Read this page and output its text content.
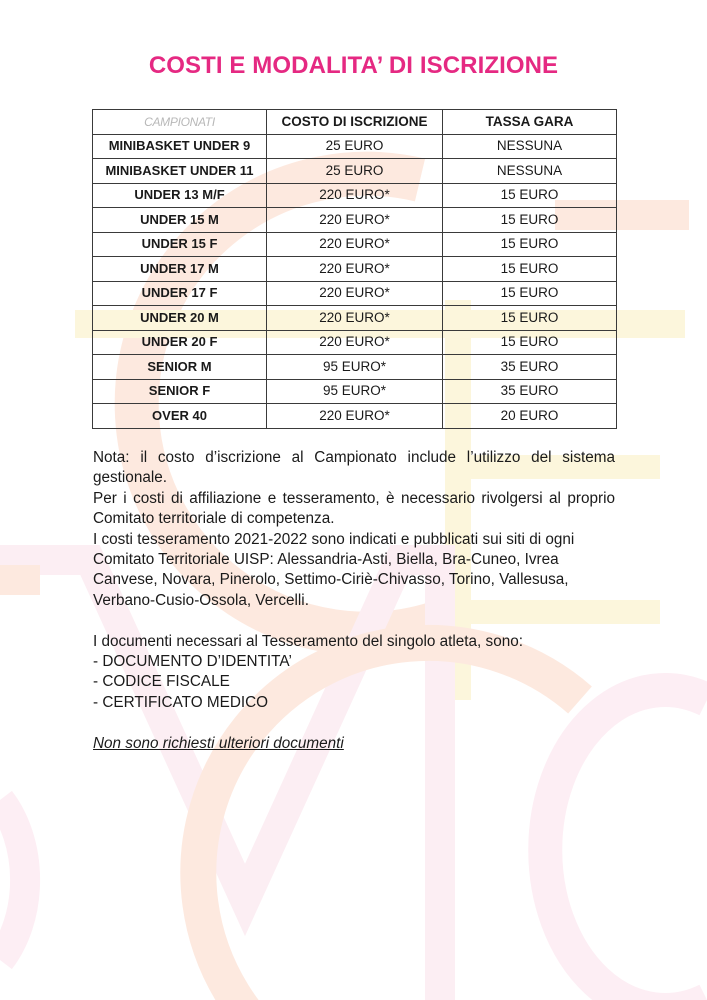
COSTI E MODALITA’ DI ISCRIZIONE
CAMPIONATI	COSTO DI ISCRIZIONE	TASSA GARA
MINIBASKET UNDER 9	25 EURO	NESSUNA
MINIBASKET UNDER 11	25 EURO	NESSUNA
UNDER 13 M/F	220 EURO*	15 EURO
UNDER 15 M	220 EURO*	15 EURO
UNDER 15 F	220 EURO*	15 EURO
UNDER 17 M	220 EURO*	15 EURO
UNDER 17 F	220 EURO*	15 EURO
UNDER 20 M	220 EURO*	15 EURO
UNDER 20 F	220 EURO*	15 EURO
SENIOR M	95 EURO*	35 EURO
SENIOR F	95 EURO*	35 EURO
OVER 40	220 EURO*	20 EURO

Nota: il costo d’iscrizione al Campionato include l’utilizzo del sistema gestionale.

Per i costi di affiliazione e tesseramento, è necessario rivolgersi al proprio Comitato territoriale di competenza.

I costi tesseramento 2021-2022 sono indicati e pubblicati sui siti di ogni Comitato Territoriale UISP: Alessandria-Asti, Biella, Bra-Cuneo, Ivrea Canvese, Novara, Pinerolo, Settimo-Ciriè-Chivasso, Torino, Vallesusa, Verbano-Cusio-Ossola, Vercelli.

I documenti necessari al Tesseramento del singolo atleta, sono:

- DOCUMENTO D’IDENTITA’

- CODICE FISCALE

- CERTIFICATO MEDICO

Non sono richiesti ulteriori documenti
